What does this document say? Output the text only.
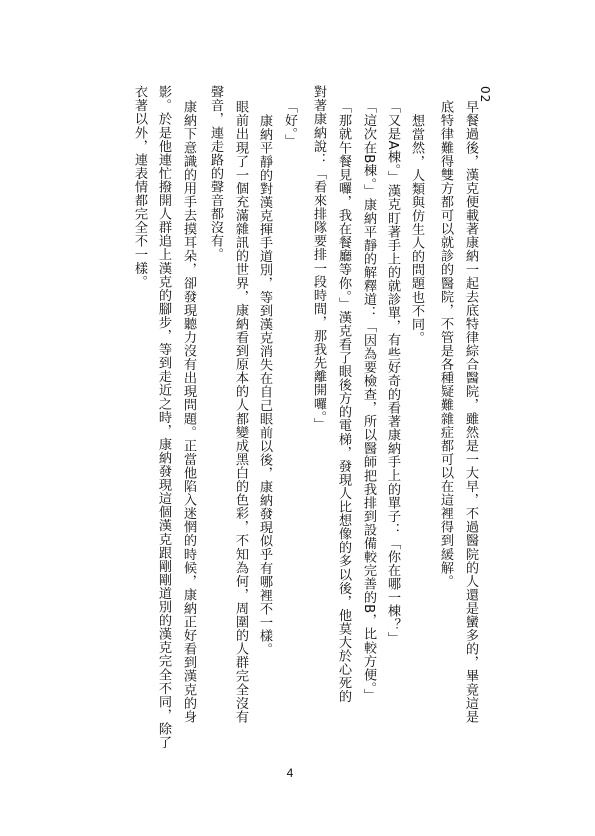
02
早餐過後，漢克便載著康納一起去底特律綜合醫院，雖然是一大早，不過醫院的人還是蠻多的，畢竟這是
底特律難得雙方都可以就診的醫院，不管是各種疑難雜症都可以在這裡得到緩解。
想當然，人類與仿生人的問題也不同。
「又是A棟。」漢克盯著手上的就診單，有些好奇的看著康納手上的單子：「你在哪一棟？」
「這次在B棟。」康納平靜的解釋道：「因為要檢查，所以醫師把我排到設備較完善的B，比較方便。」
「那就午餐見囉，我在餐廳等你。」漢克看了眼後方的電梯，發現人比想像的多以後，他莫大於心死的
對著康納說：「看來排隊要排一段時間，那我先離開囉。」
「好。」
康納平靜的對漢克揮手道別，等到漢克消失在自己眼前以後，康納發現似乎有哪裡不一樣。
眼前出現了一個充滿雜訊的世界，康納看到原本的人都變成黑白的色彩，不知為何，周圍的人群完全沒有
聲音，連走路的聲音都沒有。
康納下意識的用手去摸耳朵，卻發現聽力沒有出現問題。正當他陷入迷惘的時候，康納正好看到漢克的身
影。於是他連忙撥開人群追上漢克的腳步，等到走近之時，康納發現這個漢克跟剛剛道別的漢克完全不同，除了
衣著以外，連表情都完全不一樣。
4
